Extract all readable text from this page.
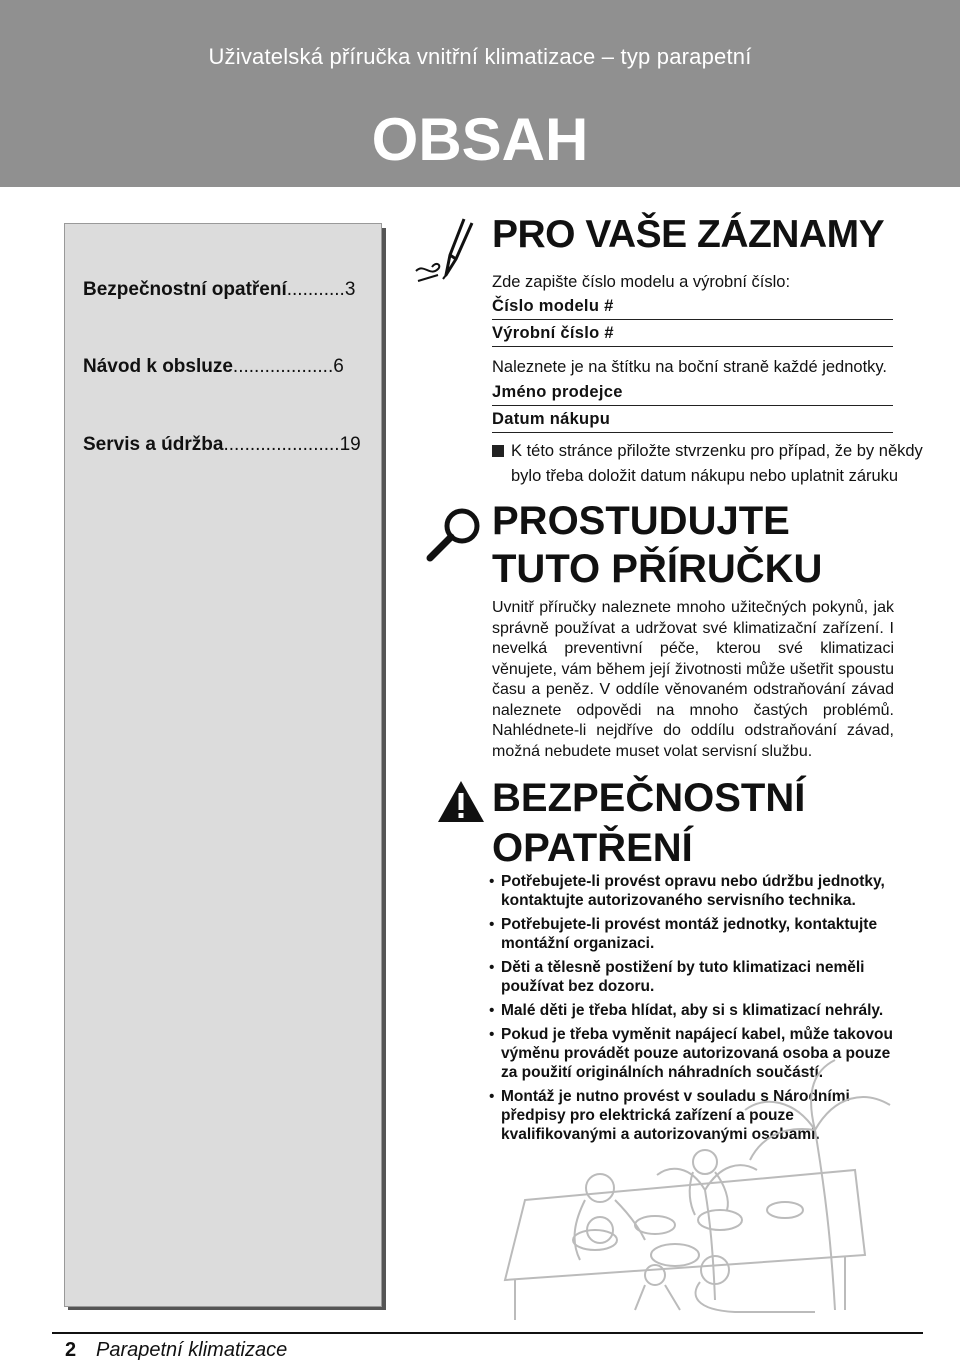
Uživatelská příručka vnitřní klimatizace – typ parapetní
OBSAH
Bezpečnostní opatření...........3
Návod k obsluze...................6
Servis a údržba......................19
PRO VAŠE ZÁZNAMY
Zde zapište číslo modelu a výrobní číslo:
Číslo modelu #
Výrobní číslo #
Naleznete je na štítku na boční straně každé jednotky.
Jméno prodejce
Datum nákupu
K této stránce přiložte stvrzenku pro případ, že by někdy
bylo třeba doložit datum nákupu nebo uplatnit záruku
PROSTUDUJTE
TUTO PŘÍRUČKU
Uvnitř příručky naleznete mnoho užitečných pokynů, jak správně používat a udržovat své klimatizační zařízení. I nevelká preventivní péče, kterou své klimatizaci věnujete, vám během její životnosti může ušetřit spoustu času a peněz. V oddíle věnovaném odstraňování závad naleznete odpovědi na mnoho častých problémů. Nahlédnete-li nejdříve do oddílu odstraňování závad, možná nebudete muset volat servisní službu.
BEZPEČNOSTNÍ
OPATŘENÍ
• Potřebujete-li provést opravu nebo údržbu jednotky, kontaktujte autorizovaného servisního technika.
• Potřebujete-li provést montáž jednotky, kontaktujte montážní organizaci.
• Děti a tělesně postižení by tuto klimatizaci neměli používat bez dozoru.
• Malé děti je třeba hlídat, aby si s klimatizací nehrály.
• Pokud je třeba vyměnit napájecí kabel, může takovou výměnu provádět pouze autorizovaná osoba a pouze za použití originálních náhradních součástí.
• Montáž je nutno provést v souladu s Národními předpisy pro elektrická zařízení a pouze kvalifikovanými a autorizovanými osobami.
2 Parapetní klimatizace
